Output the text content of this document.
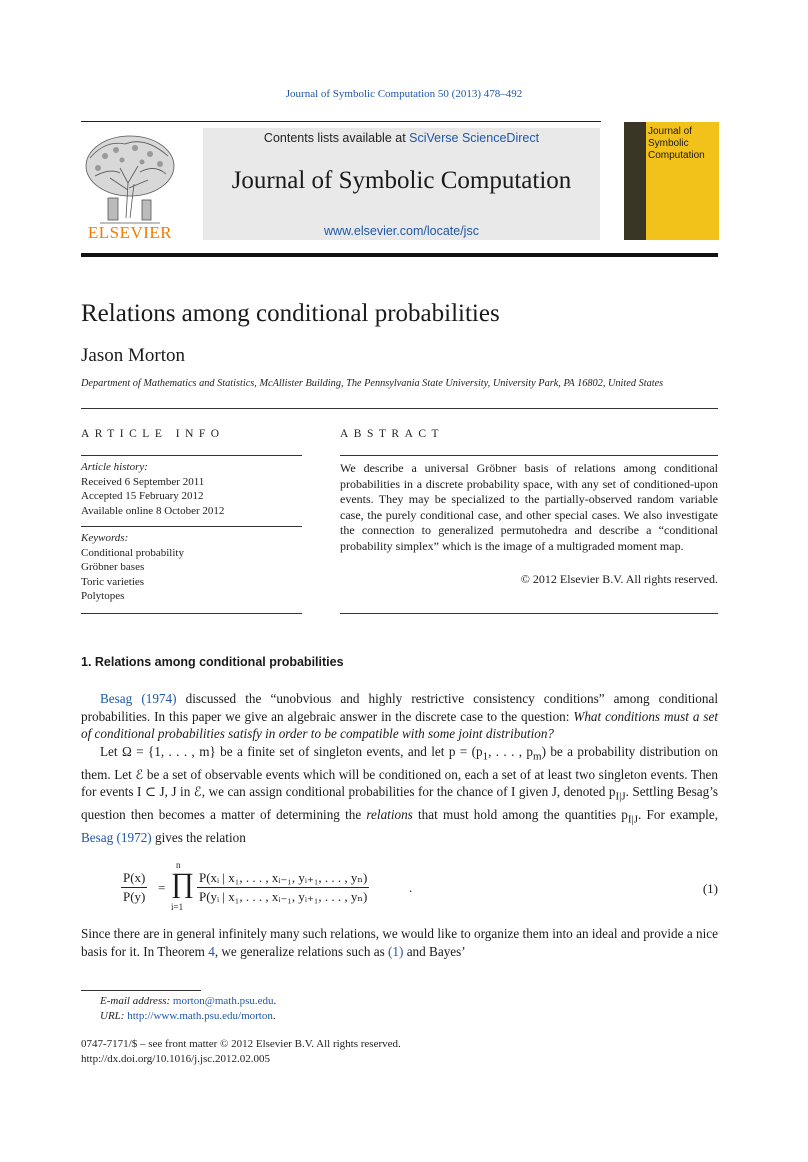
Journal of Symbolic Computation 50 (2013) 478–492
Contents lists available at SciVerse ScienceDirect
Journal of Symbolic Computation
www.elsevier.com/locate/jsc
ELSEVIER
Journal of
Symbolic
Computation
Relations among conditional probabilities
Jason Morton
Department of Mathematics and Statistics, McAllister Building, The Pennsylvania State University, University Park, PA 16802, United States
ARTICLE INFO
Article history:
Received 6 September 2011
Accepted 15 February 2012
Available online 8 October 2012
Keywords:
Conditional probability
Gröbner bases
Toric varieties
Polytopes
ABSTRACT
We describe a universal Gröbner basis of relations among conditional probabilities in a discrete probability space, with any set of conditioned-upon events. They may be specialized to the partially-observed random variable case, the purely conditional case, and other special cases. We also investigate the connection to generalized permutohedra and describe a “conditional probability simplex” which is the image of a multigraded moment map.
© 2012 Elsevier B.V. All rights reserved.
1. Relations among conditional probabilities

Besag (1974) discussed the “unobvious and highly restrictive consistency conditions” among conditional probabilities. In this paper we give an algebraic answer in the discrete case to the question: What conditions must a set of conditional probabilities satisfy in order to be compatible with some joint distribution?

Let Ω = {1, . . . , m} be a finite set of singleton events, and let $p = (p_1$, . . . , $p_m$) be a probability distribution on them. Let ℰ be a set of observable events which will be conditioned on, each a set of at least two singleton events. Then for events I ⊂ J, J in ℰ, we can assign conditional probabilities for the chance of I given J, denoted $p_{I|J}$. Settling Besag’s question then becomes a matter of determining the relations that must hold among the quantities $p_{I|J}$. For example, Besag (1972) gives the relation

$\frac{P(x)}{P(y)}$ =
n
∏
i=1
$\frac{\text{P(xᵢ | x₁, . . . , xᵢ₋₁, yᵢ₊₁, . . . , yₙ)}}{\text{P(yᵢ | x₁, . . . , xᵢ₋₁, yᵢ₊₁, . . . , yₙ)}}$	.	(1)

Since there are in general infinitely many such relations, we would like to organize them into an ideal and provide a nice basis for it. In Theorem 4, we generalize relations such as (1) and Bayes’

E-mail address: morton@math.psu.edu.
URL: http://www.math.psu.edu/morton.
0747-7171/$ – see front matter © 2012 Elsevier B.V. All rights reserved.
http://dx.doi.org/10.1016/j.jsc.2012.02.005
